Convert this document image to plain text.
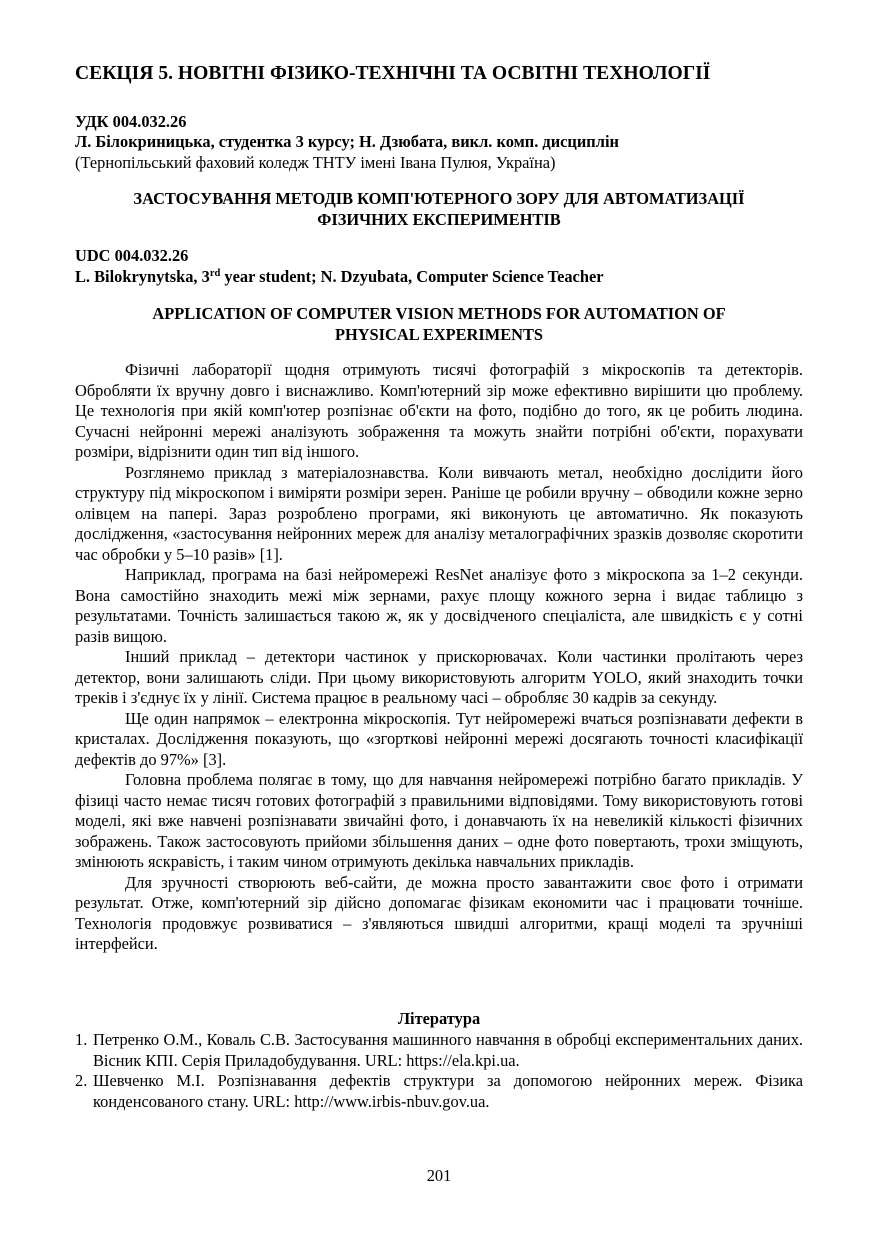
СЕКЦІЯ 5. НОВІТНІ ФІЗИКО-ТЕХНІЧНІ ТА ОСВІТНІ ТЕХНОЛОГІЇ
УДК 004.032.26
Л. Білокриницька, студентка 3 курсу; Н. Дзюбата, викл. комп. дисциплін
(Тернопільський фаховий коледж ТНТУ імені Івана Пулюя, Україна)
ЗАСТОСУВАННЯ МЕТОДІВ КОМП'ЮТЕРНОГО ЗОРУ ДЛЯ АВТОМАТИЗАЦІЇ
ФІЗИЧНИХ ЕКСПЕРИМЕНТІВ
UDC 004.032.26
L. Bilokrynytska, 3rd year student; N. Dzyubata, Computer Science Teacher
APPLICATION OF COMPUTER VISION METHODS FOR AUTOMATION OF
PHYSICAL EXPERIMENTS

Фізичні лабораторії щодня отримують тисячі фотографій з мікроскопів та детекторів. Обробляти їх вручну довго і виснажливо. Комп'ютерний зір може ефективно вирішити цю проблему. Це технологія при якій комп'ютер розпізнає об'єкти на фото, подібно до того, як це робить людина. Сучасні нейронні мережі аналізують зображення та можуть знайти потрібні об'єкти, порахувати розміри, відрізнити один тип від іншого.

Розглянемо приклад з матеріалознавства. Коли вивчають метал, необхідно дослідити його структуру під мікроскопом і виміряти розміри зерен. Раніше це робили вручну – обводили кожне зерно олівцем на папері. Зараз розроблено програми, які виконують це автоматично. Як показують дослідження, «застосування нейронних мереж для аналізу металографічних зразків дозволяє скоротити час обробки у 5–10 разів» [1].

Наприклад, програма на базі нейромережі ResNet аналізує фото з мікроскопа за 1–2 секунди. Вона самостійно знаходить межі між зернами, рахує площу кожного зерна і видає таблицю з результатами. Точність залишається такою ж, як у досвідченого спеціаліста, але швидкість є у сотні разів вищою.

Інший приклад – детектори частинок у прискорювачах. Коли частинки пролітають через детектор, вони залишають сліди. При цьому використовують алгоритм YOLO, який знаходить точки треків і з'єднує їх у лінії. Система працює в реальному часі – обробляє 30 кадрів за секунду.

Ще один напрямок – електронна мікроскопія. Тут нейромережі вчаться розпізнавати дефекти в кристалах. Дослідження показують, що «згорткові нейронні мережі досягають точності класифікації дефектів до 97%» [3].

Головна проблема полягає в тому, що для навчання нейромережі потрібно багато прикладів. У фізиці часто немає тисяч готових фотографій з правильними відповідями. Тому використовують готові моделі, які вже навчені розпізнавати звичайні фото, і донавчають їх на невеликій кількості фізичних зображень. Також застосовують прийоми збільшення даних – одне фото повертають, трохи зміщують, змінюють яскравість, і таким чином отримують декілька навчальних прикладів.

Для зручності створюють веб-сайти, де можна просто завантажити своє фото і отримати результат. Отже, комп'ютерний зір дійсно допомагає фізикам економити час і працювати точніше. Технологія продовжує розвиватися – з'являються швидші алгоритми, кращі моделі та зручніші інтерфейси.

Література
1. Петренко О.М., Коваль С.В. Застосування машинного навчання в обробці експериментальних даних. Вісник КПІ. Серія Приладобудування. URL: https://ela.kpi.ua.
2. Шевченко М.І. Розпізнавання дефектів структури за допомогою нейронних мереж. Фізика конденсованого стану. URL: http://www.irbis-nbuv.gov.ua.
201
